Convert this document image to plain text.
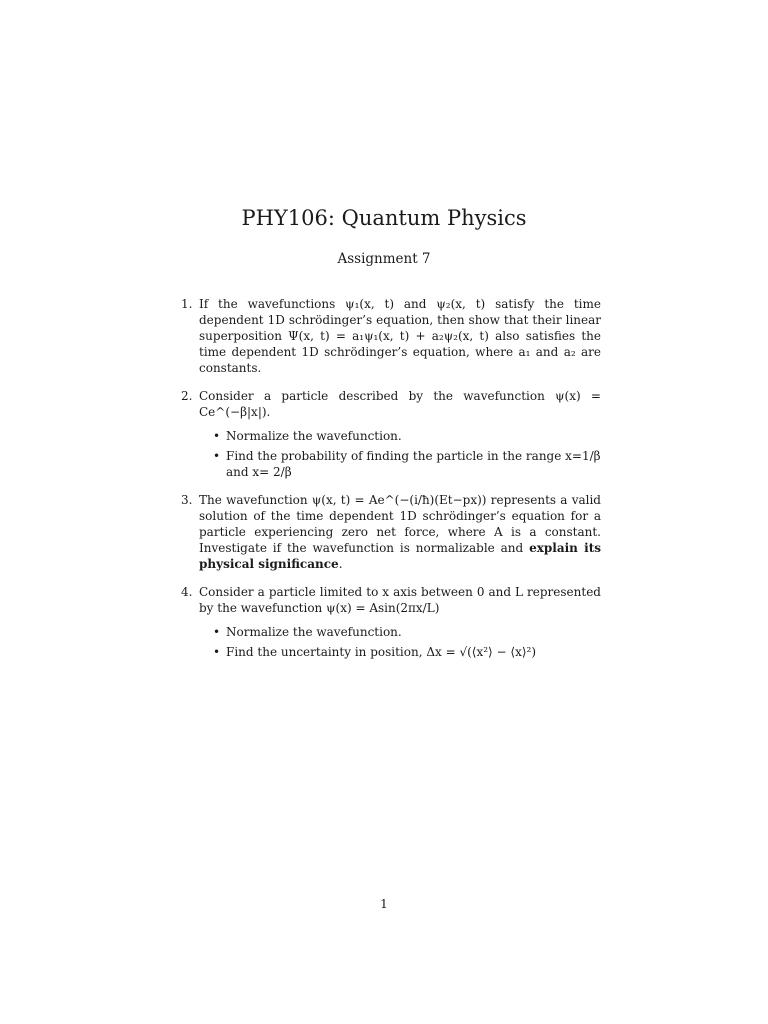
PHY106: Quantum Physics
Assignment 7
1. If the wavefunctions ψ₁(x, t) and ψ₂(x, t) satisfy the time dependent 1D schrödinger’s equation, then show that their linear superposition Ψ(x, t) = a₁ψ₁(x, t) + a₂ψ₂(x, t) also satisfies the time dependent 1D schrödinger’s equation, where a₁ and a₂ are constants.
2. Consider a particle described by the wavefunction ψ(x) = Ce^(−β|x|).
• Normalize the wavefunction.
• Find the probability of finding the particle in the range x=1/β and x= 2/β
3. The wavefunction ψ(x, t) = Ae^(−(i/ħ)(Et−px)) represents a valid solution of the time dependent 1D schrödinger’s equation for a particle experiencing zero net force, where A is a constant. Investigate if the wavefunction is normalizable and explain its physical significance.
4. Consider a particle limited to x axis between 0 and L represented by the wavefunction ψ(x) = Asin(2πx/L)
• Normalize the wavefunction.
• Find the uncertainty in position, Δx = √(⟨x²⟩ − ⟨x⟩²)
1
